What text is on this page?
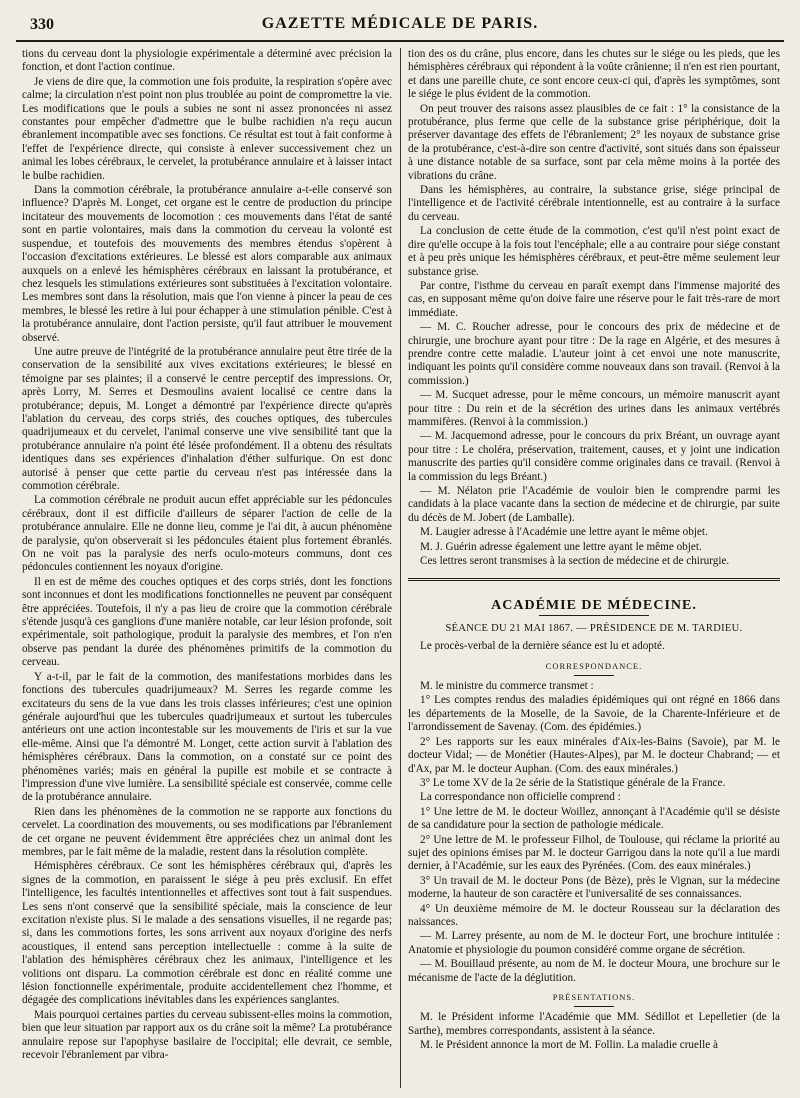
330	GAZETTE MÉDICALE DE PARIS.

tions du cerveau dont la physiologie expérimentale a déterminé avec précision la fonction, et dont l'action continue.

Je viens de dire que, la commotion une fois produite, la respiration s'opère avec calme; la circulation n'est point non plus troublée au point de compromettre la vie. Les modifications que le pouls a subies ne sont ni assez prononcées ni assez constantes pour empêcher d'admettre que le bulbe rachidien n'a reçu aucun ébranlement incompatible avec ses fonctions. Ce résultat est tout à fait conforme à l'effet de l'expérience directe, qui consiste à enlever successivement chez un animal les lobes cérébraux, le cervelet, la protubérance annulaire et à laisser intact le bulbe rachidien.

Dans la commotion cérébrale, la protubérance annulaire a-t-elle conservé son influence? D'après M. Longet, cet organe est le centre de production du principe incitateur des mouvements de locomotion : ces mouvements dans l'état de santé sont en partie volontaires, mais dans la commotion du cerveau la volonté est suspendue, et toutefois des mouvements des membres étendus s'opèrent à l'occasion d'excitations extérieures. Le blessé est alors comparable aux animaux auxquels on a enlevé les hémisphères cérébraux en laissant la protubérance, et chez lesquels les stimulations extérieures sont substituées à l'excitation volontaire. Les membres sont dans la résolution, mais que l'on vienne à pincer la peau de ces membres, le blessé les retire à lui pour échapper à une stimulation pénible. C'est à la protubérance annulaire, dont l'action persiste, qu'il faut attribuer le mouvement observé.

Une autre preuve de l'intégrité de la protubérance annulaire peut être tirée de la conservation de la sensibilité aux vives excitations extérieures; le blessé en témoigne par ses plaintes; il a conservé le centre perceptif des impressions. Or, après Lorry, M. Serres et Desmoulins avaient localisé ce centre dans la protubérance; depuis, M. Longet a démontré par l'expérience directe qu'après l'ablation du cerveau, des corps striés, des couches optiques, des tubercules quadrijumeaux et du cervelet, l'animal conserve une vive sensibilité tant que la protubérance annulaire n'a point été lésée profondément. Il a obtenu des résultats identiques dans ses expériences d'inhalation d'éther sulfurique. On est donc autorisé à penser que cette partie du cerveau n'est pas intéressée dans la commotion cérébrale.

La commotion cérébrale ne produit aucun effet appréciable sur les pédoncules cérébraux, dont il est difficile d'ailleurs de séparer l'action de celle de la protubérance annulaire. Elle ne donne lieu, comme je l'ai dit, à aucun phénomène de paralysie, qu'on observerait si les pédoncules étaient plus fortement ébranlés. On ne voit pas la paralysie des nerfs oculo-moteurs communs, dont ces pédoncules contiennent les noyaux d'origine.

Il en est de même des couches optiques et des corps striés, dont les fonctions sont inconnues et dont les modifications fonctionnelles ne peuvent par conséquent être appréciées. Toutefois, il n'y a pas lieu de croire que la commotion cérébrale s'étende jusqu'à ces ganglions d'une manière notable, car leur lésion profonde, soit expérimentale, soit pathologique, produit la paralysie des membres, et l'on n'en observe pas pendant la durée des phénomènes primitifs de la commotion du cerveau.

Y a-t-il, par le fait de la commotion, des manifestations morbides dans les fonctions des tubercules quadrijumeaux? M. Serres les regarde comme les excitateurs du sens de la vue dans les trois classes inférieures; c'est une opinion générale aujourd'hui que les tubercules quadrijumeaux et surtout les tubercules antérieurs ont une action incontestable sur les mouvements de l'iris et sur la vue elle-même. Ainsi que l'a démontré M. Longet, cette action survit à l'ablation des hémisphères cérébraux. Dans la commotion, on a constaté sur ce point des phénomènes variés; mais en général la pupille est mobile et se contracte à l'impression d'une vive lumière. La sensibilité spéciale est conservée, comme celle de la protubérance annulaire.

Rien dans les phénomènes de la commotion ne se rapporte aux fonctions du cervelet. La coordination des mouvements, ou ses modifications par l'ébranlement de cet organe ne peuvent évidemment être appréciées chez un animal dont les membres, par le fait même de la maladie, restent dans la résolution complète.

Hémisphères cérébraux. Ce sont les hémisphères cérébraux qui, d'après les signes de la commotion, en paraissent le siége à peu près exclusif. En effet l'intelligence, les facultés intentionnelles et affectives sont tout à fait suspendues. Les sens n'ont conservé que la sensibilité spéciale, mais la conscience de leur excitation n'existe plus. Si le malade a des sensations visuelles, il ne regarde pas; si, dans les commotions fortes, les sons arrivent aux noyaux d'origine des nerfs acoustiques, il entend sans perception intellectuelle : comme à la suite de l'ablation des hémisphères cérébraux chez les animaux, l'intelligence et les volitions ont disparu. La commotion cérébrale est donc en réalité comme une lésion fonctionnelle expérimentale, produite accidentellement chez l'homme, et dégagée des complications inévitables dans les expériences sanglantes.

Mais pourquoi certaines parties du cerveau subissent-elles moins la commotion, bien que leur situation par rapport aux os du crâne soit la même? La protubérance annulaire repose sur l'apophyse basilaire de l'occipital; elle devrait, ce semble, recevoir l'ébranlement par vibra-

tion des os du crâne, plus encore, dans les chutes sur le siége ou les pieds, que les hémisphères cérébraux qui répondent à la voûte crânienne; il n'en est rien pourtant, et dans une pareille chute, ce sont encore ceux-ci qui, d'après les symptômes, sont le siége le plus évident de la commotion.

On peut trouver des raisons assez plausibles de ce fait : 1° la consistance de la protubérance, plus ferme que celle de la substance grise périphérique, doit la préserver davantage des effets de l'ébranlement; 2° les noyaux de substance grise de la protubérance, c'est-à-dire son centre d'activité, sont situés dans son épaisseur à une distance notable de sa surface, sont par cela même moins à la portée des vibrations du crâne.

Dans les hémisphères, au contraire, la substance grise, siége principal de l'intelligence et de l'activité cérébrale intentionnelle, est au contraire à la surface du cerveau.

La conclusion de cette étude de la commotion, c'est qu'il n'est point exact de dire qu'elle occupe à la fois tout l'encéphale; elle a au contraire pour siége constant et à peu près unique les hémisphères cérébraux, et peut-être même seulement leur substance grise.

Par contre, l'isthme du cerveau en paraît exempt dans l'immense majorité des cas, en supposant même qu'on doive faire une réserve pour le fait très-rare de mort immédiate.

— M. C. Roucher adresse, pour le concours des prix de médecine et de chirurgie, une brochure ayant pour titre : De la rage en Algérie, et des mesures à prendre contre cette maladie. L'auteur joint à cet envoi une note manuscrite, indiquant les points qu'il considère comme nouveaux dans son travail. (Renvoi à la commission.)

— M. Sucquet adresse, pour le même concours, un mémoire manuscrit ayant pour titre : Du rein et de la sécrétion des urines dans les animaux vertébrés mammifères. (Renvoi à la commission.)

— M. Jacquemond adresse, pour le concours du prix Bréant, un ouvrage ayant pour titre : Le choléra, préservation, traitement, causes, et y joint une indication manuscrite des parties qu'il considère comme originales dans ce travail. (Renvoi à la commission du legs Bréant.)

— M. Nélaton prie l'Académie de vouloir bien le comprendre parmi les candidats à la place vacante dans la section de médecine et de chirurgie, par suite du décès de M. Jobert (de Lamballe).

M. Laugier adresse à l'Académie une lettre ayant le même objet.

M. J. Guérin adresse également une lettre ayant le même objet.

Ces lettres seront transmises à la section de médecine et de chirurgie.

ACADÉMIE DE MÉDECINE.
SÉANCE DU 21 MAI 1867. — PRÉSIDENCE DE M. TARDIEU.

Le procès-verbal de la dernière séance est lu et adopté.

CORRESPONDANCE.

M. le ministre du commerce transmet :

1° Les comptes rendus des maladies épidémiques qui ont régné en 1866 dans les départements de la Moselle, de la Savoie, de la Charente-Inférieure et de l'arrondissement de Savenay. (Com. des épidémies.)

2° Les rapports sur les eaux minérales d'Aix-les-Bains (Savoie), par M. le docteur Vidal; — de Monétier (Hautes-Alpes), par M. le docteur Chabrand; — et d'Ax, par M. le docteur Auphan. (Com. des eaux minérales.)

3° Le tome XV de la 2e série de la Statistique générale de la France.

La correspondance non officielle comprend :

1° Une lettre de M. le docteur Woillez, annonçant à l'Académie qu'il se désiste de sa candidature pour la section de pathologie médicale.

2° Une lettre de M. le professeur Filhol, de Toulouse, qui réclame la priorité au sujet des opinions émises par M. le docteur Garrigou dans la note qu'il a lue mardi dernier, à l'Académie, sur les eaux des Pyrénées. (Com. des eaux minérales.)

3° Un travail de M. le docteur Pons (de Bèze), près le Vignan, sur la médecine moderne, la hauteur de son caractère et l'universalité de ses connaissances.

4° Un deuxième mémoire de M. le docteur Rousseau sur la déclaration des naissances.

— M. Larrey présente, au nom de M. le docteur Fort, une brochure intitulée : Anatomie et physiologie du poumon considéré comme organe de sécrétion.

— M. Bouillaud présente, au nom de M. le docteur Moura, une brochure sur le mécanisme de l'acte de la déglutition.

PRÉSENTATIONS.

M. le Président informe l'Académie que MM. Sédillot et Lepelletier (de la Sarthe), membres correspondants, assistent à la séance.

M. le Président annonce la mort de M. Follin. La maladie cruelle à
